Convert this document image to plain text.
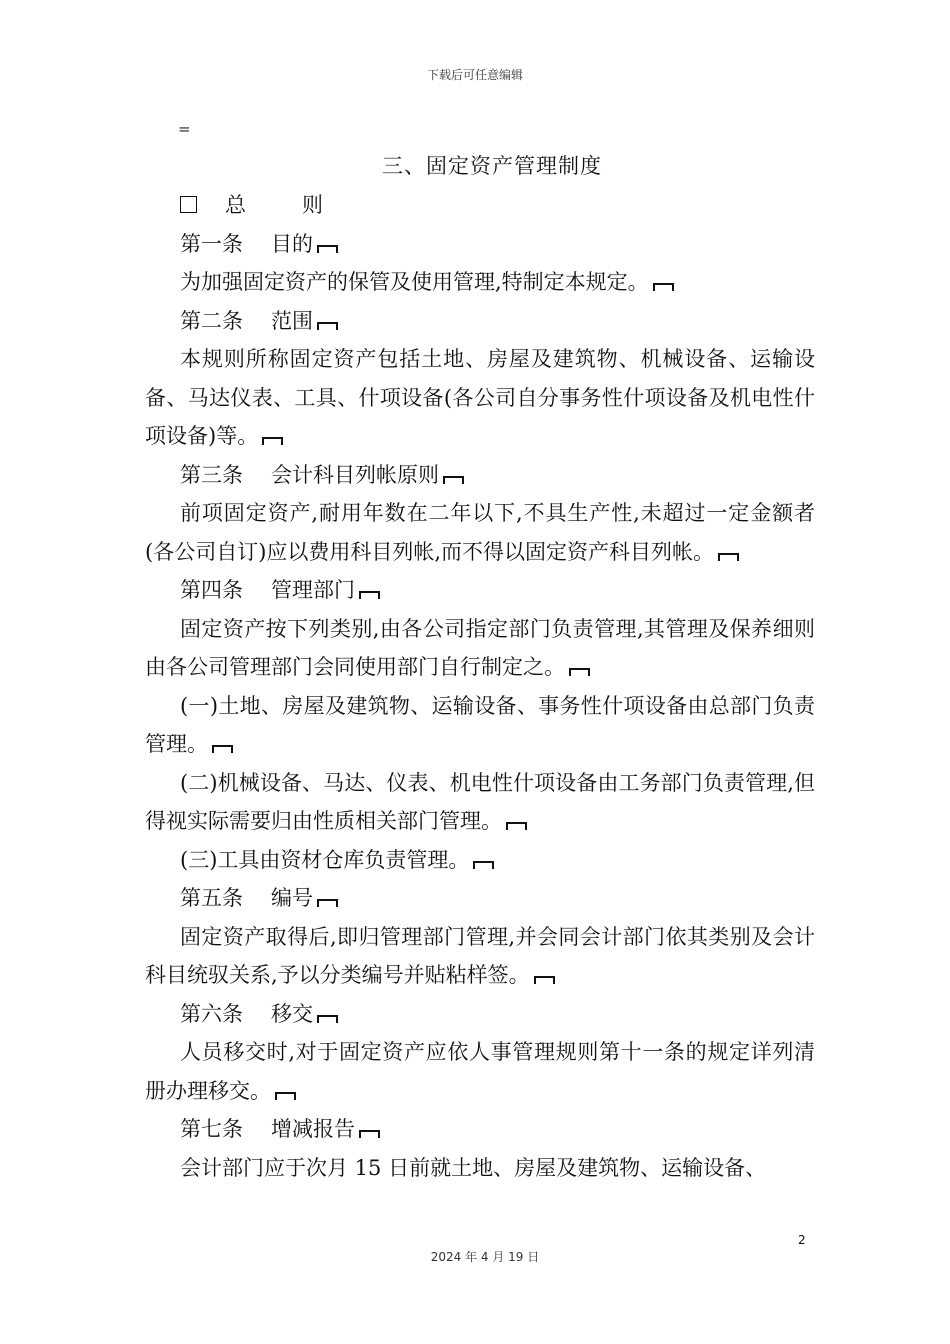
下载后可任意编辑
=
三、固定资产管理制度

总	则

第一条 目的

为加强固定资产的保管及使用管理,特制定本规定。

第二条 范围

本规则所称固定资产包括土地、房屋及建筑物、机械设备、运输设备、马达仪表、工具、什项设备(各公司自分事务性什项设备及机电性什项设备)等。

第三条 会计科目列帐原则

前项固定资产,耐用年数在二年以下,不具生产性,未超过一定金额者(各公司自订)应以费用科目列帐,而不得以固定资产科目列帐。

第四条 管理部门

固定资产按下列类别,由各公司指定部门负责管理,其管理及保养细则由各公司管理部门会同使用部门自行制定之。

(一)土地、房屋及建筑物、运输设备、事务性什项设备由总部门负责管理。

(二)机械设备、马达、仪表、机电性什项设备由工务部门负责管理,但得视实际需要归由性质相关部门管理。

(三)工具由资材仓库负责管理。

第五条 编号

固定资产取得后,即归管理部门管理,并会同会计部门依其类别及会计科目统驭关系,予以分类编号并贴粘样签。

第六条 移交

人员移交时,对于固定资产应依人事管理规则第十一条的规定详列清册办理移交。

第七条 增减报告

会计部门应于次月 15 日前就土地、房屋及建筑物、运输设备、

2
2024 年 4 月 19 日
